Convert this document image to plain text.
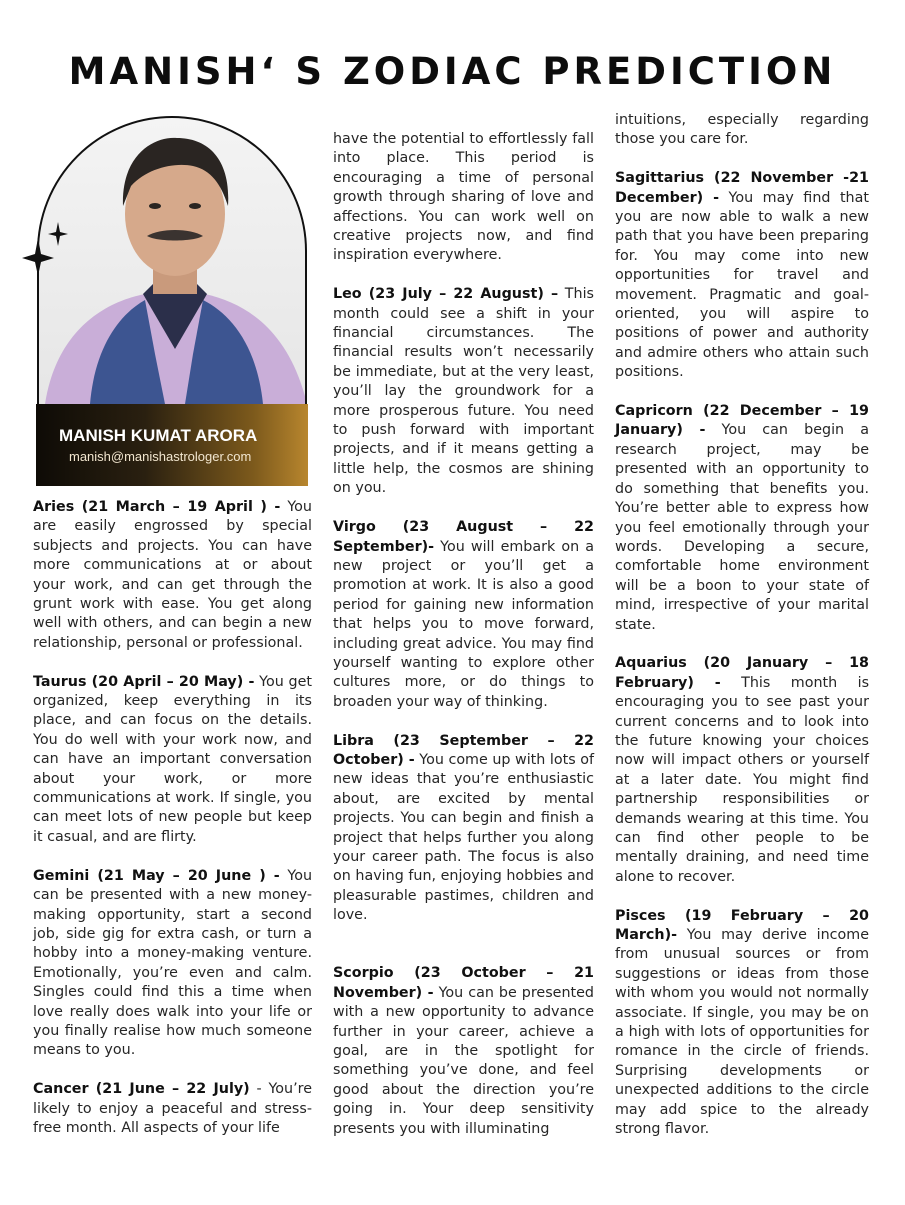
MANISH‘ S ZODIAC PREDICTION
MANISH KUMAT ARORA
manish@manishastrologer.com

Aries (21 March – 19 April ) - You are easily engrossed by special subjects and projects. You can have more communications at or about your work, and can get through the grunt work with ease. You get along well with others, and can begin a new relationship, personal or professional.

Taurus (20 April – 20 May) - You get organized, keep everything in its place, and can focus on the details. You do well with your work now, and can have an important conversation about your work, or more communications at work. If single, you can meet lots of new people but keep it casual, and are flirty.

Gemini (21 May – 20 June ) - You can be presented with a new money-making opportunity, start a second job, side gig for extra cash, or turn a hobby into a money-making venture. Emotionally, you’re even and calm. Singles could find this a time when love really does walk into your life or you finally realise how much someone means to you.

Cancer (21 June – 22 July) - You’re likely to enjoy a peaceful and stress-free month. All aspects of your life

have the potential to effortlessly fall into place. This period is encouraging a time of personal growth through sharing of love and affections. You can work well on creative projects now, and find inspiration everywhere.

Leo (23 July – 22 August) – This month could see a shift in your financial circumstances. The financial results won’t necessarily be immediate, but at the very least, you’ll lay the groundwork for a more prosperous future. You need to push forward with important projects, and if it means getting a little help, the cosmos are shining on you.

Virgo (23 August – 22 September)- You will embark on a new project or you’ll get a promotion at work. It is also a good period for gaining new information that helps you to move forward, including great advice. You may find yourself wanting to explore other cultures more, or do things to broaden your way of thinking.

Libra (23 September – 22 October) - You come up with lots of new ideas that you’re enthusiastic about, are excited by mental projects. You can begin and finish a project that helps further you along your career path. The focus is also on having fun, enjoying hobbies and pleasurable pastimes, children and love.

Scorpio (23 October – 21 November) - You can be presented with a new opportunity to advance further in your career, achieve a goal, are in the spotlight for something you’ve done, and feel good about the direction you’re going in. Your deep sensitivity presents you with illuminating

intuitions, especially regarding those you care for.

Sagittarius (22 November -21 December) - You may find that you are now able to walk a new path that you have been preparing for. You may come into new opportunities for travel and movement. Pragmatic and goal-oriented, you will aspire to positions of power and authority and admire others who attain such positions.

Capricorn (22 December – 19 January) - You can begin a research project, may be presented with an opportunity to do something that benefits you. You’re better able to express how you feel emotionally through your words. Developing a secure, comfortable home environment will be a boon to your state of mind, irrespective of your marital state.

Aquarius (20 January – 18 February) - This month is encouraging you to see past your current concerns and to look into the future knowing your choices now will impact others or yourself at a later date. You might find partnership responsibilities or demands wearing at this time. You can find other people to be mentally draining, and need time alone to recover.

Pisces (19 February – 20 March)- You may derive income from unusual sources or from suggestions or ideas from those with whom you would not normally associate. If single, you may be on a high with lots of opportunities for romance in the circle of friends. Surprising developments or unexpected additions to the circle may add spice to the already strong flavor.
